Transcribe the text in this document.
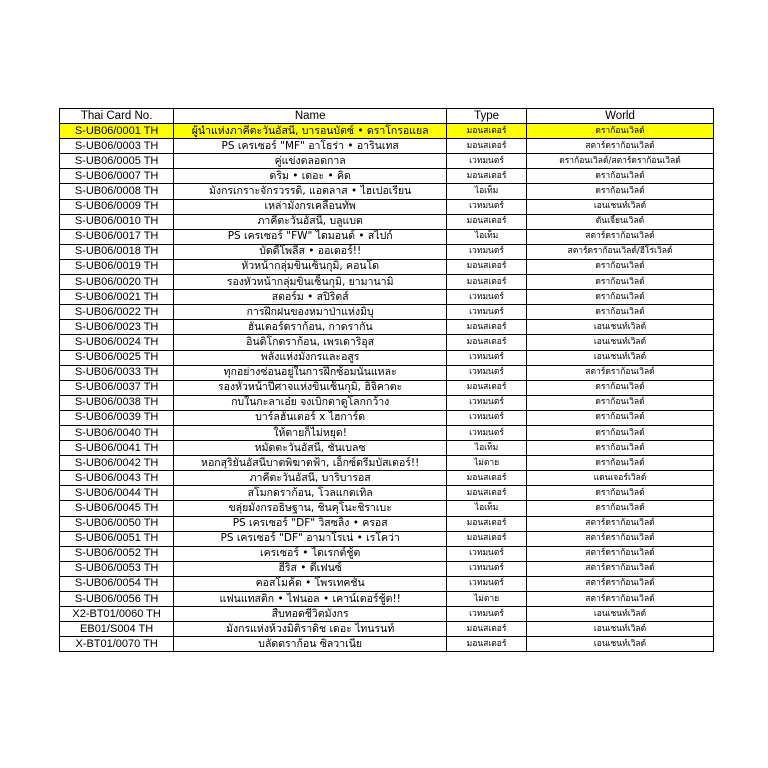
Thai Card No.	Name	Type	World
S-UB06/0001 TH	ผู้นำแห่งภาคีตะวันอัสนี, บารอนบัตซ์ • ดราโกรอแยล	มอนสเตอร์	ดราก้อนเวิลด์
S-UB06/0003 TH	PS เครเซอร์ "MF" อาโธร่า • อารินเทส	มอนสเตอร์	สตาร์ดราก้อนเวิลด์
S-UB06/0005 TH	คู่แข่งตลอดกาล	เวทมนตร์	ดราก้อนเวิลด์/สตาร์ดราก้อนเวิลด์
S-UB06/0007 TH	ดริม • เดอะ • คิด	มอนสเตอร์	ดราก้อนเวิลด์
S-UB06/0008 TH	มังกรเกราะจักรวรรดิ, แอตลาส • ไฮเปอเรียน	ไอเท็ม	ดราก้อนเวิลด์
S-UB06/0009 TH	เหล่ามังกรเคลื่อนทัพ	เวทมนตร์	เอนเชนท์เวิลด์
S-UB06/0010 TH	ภาคีตะวันอัสนี, บลูแบต	มอนสเตอร์	ดันเจี้ยนเวิลด์
S-UB06/0017 TH	PS เครเซอร์ "FW" ไดมอนด์ • สไปก์	ไอเท็ม	สตาร์ดราก้อนเวิลด์
S-UB06/0018 TH	บัดดี้โพลีส • ออเดอร์!!	เวทมนตร์	สตาร์ดราก้อนเวิลด์/ฮีโร่เวิลด์
S-UB06/0019 TH	หัวหน้ากลุ่มขินเซ็นกุมิ, คอนโด	มอนสเตอร์	ดราก้อนเวิลด์
S-UB06/0020 TH	รองหัวหน้ากลุ่มขินเซ็นกุมิ, ยามานามิ	มอนสเตอร์	ดราก้อนเวิลด์
S-UB06/0021 TH	สตอร์ม • สปิริตส์	เวทมนตร์	ดราก้อนเวิลด์
S-UB06/0022 TH	การฝึกฝนของหมาป่าแห่งมิบุ	เวทมนตร์	ดราก้อนเวิลด์
S-UB06/0023 TH	ฮันเตอร์ดราก้อน, กาดรากัน	มอนสเตอร์	เอนเชนท์เวิลด์
S-UB06/0024 TH	อินดิโกดราก้อน, เพรเดาริอุส	มอนสเตอร์	เอนเชนท์เวิลด์
S-UB06/0025 TH	พลังแห่งมังกรและอสูร	เวทมนตร์	เอนเชนท์เวิลด์
S-UB06/0033 TH	ทุกอย่างซ่อนอยู่ในการฝึกซ้อมนั่นแหละ	เวทมนตร์	สตาร์ดราก้อนเวิลด์
S-UB06/0037 TH	รองหัวหน้าปีศาจแห่งขินเซ็นกุมิ, ฮิจิคาตะ	มอนสเตอร์	ดราก้อนเวิลด์
S-UB06/0038 TH	กบในกะลาเอ๋ย จงเบิกตาดูโลกกว้าง	เวทมนตร์	ดราก้อนเวิลด์
S-UB06/0039 TH	บาร์ลฮันเตอร์ x ไฮการ์ด	เวทมนตร์	ดราก้อนเวิลด์
S-UB06/0040 TH	ให้ตายก็ไม่หยุด!	เวทมนตร์	ดราก้อนเวิลด์
S-UB06/0041 TH	หมัดตะวันอัสนี, ชันเบลซ	ไอเท็ม	ดราก้อนเวิลด์
S-UB06/0042 TH	หอกสุริยันอัสนีบาตพิฆาตฟ้า, เอ็กซ์ดรีมบัสเตอร์!!	ไม่ตาย	ดราก้อนเวิลด์
S-UB06/0043 TH	ภาคีตะวันอัสนี, บาริบารอส	มอนสเตอร์	แดนเจอร์เวิลด์
S-UB06/0044 TH	สโมกดราก้อน, โวลแกตเทิล	มอนสเตอร์	ดราก้อนเวิลด์
S-UB06/0045 TH	ขลุ่ยมังกรอธิษฐาน, ชินคุโนะชิราเบะ	ไอเท็ม	ดราก้อนเวิลด์
S-UB06/0050 TH	PS เครเซอร์ "DF" วิสซลิ้ง • ครอส	มอนสเตอร์	สตาร์ดราก้อนเวิลด์
S-UB06/0051 TH	PS เครเซอร์ "DF" อามาโรเน่ • เรโคว่า	มอนสเตอร์	สตาร์ดราก้อนเวิลด์
S-UB06/0052 TH	เครเซอร์ • ไดเรกต์ชู้ต	เวทมนตร์	สตาร์ดราก้อนเวิลด์
S-UB06/0053 TH	ฮีริส • ดีเฟนซ์	เวทมนตร์	สตาร์ดราก้อนเวิลด์
S-UB06/0054 TH	คอสโมค้ด • โพรเทคชั่น	เวทมนตร์	สตาร์ดราก้อนเวิลด์
S-UB06/0056 TH	แฟนแทสติก • ไฟนอล • เคาน์เตอร์ชู้ต!!	ไม่ตาย	สตาร์ดราก้อนเวิลด์
X2-BT01/0060 TH	สืบทอดชีวิตมังกร	เวทมนตร์	เอนเชนท์เวิลด์
EB01/S004 TH	มังกรแห่งห้วงมิติราดิช เดอะ ไทนรนท์	มอนสเตอร์	เอนเชนท์เวิลด์
X-BT01/0070 TH	บลัดดราก้อน ซิลวาเนีย	มอนสเตอร์	เอนเชนท์เวิลด์
